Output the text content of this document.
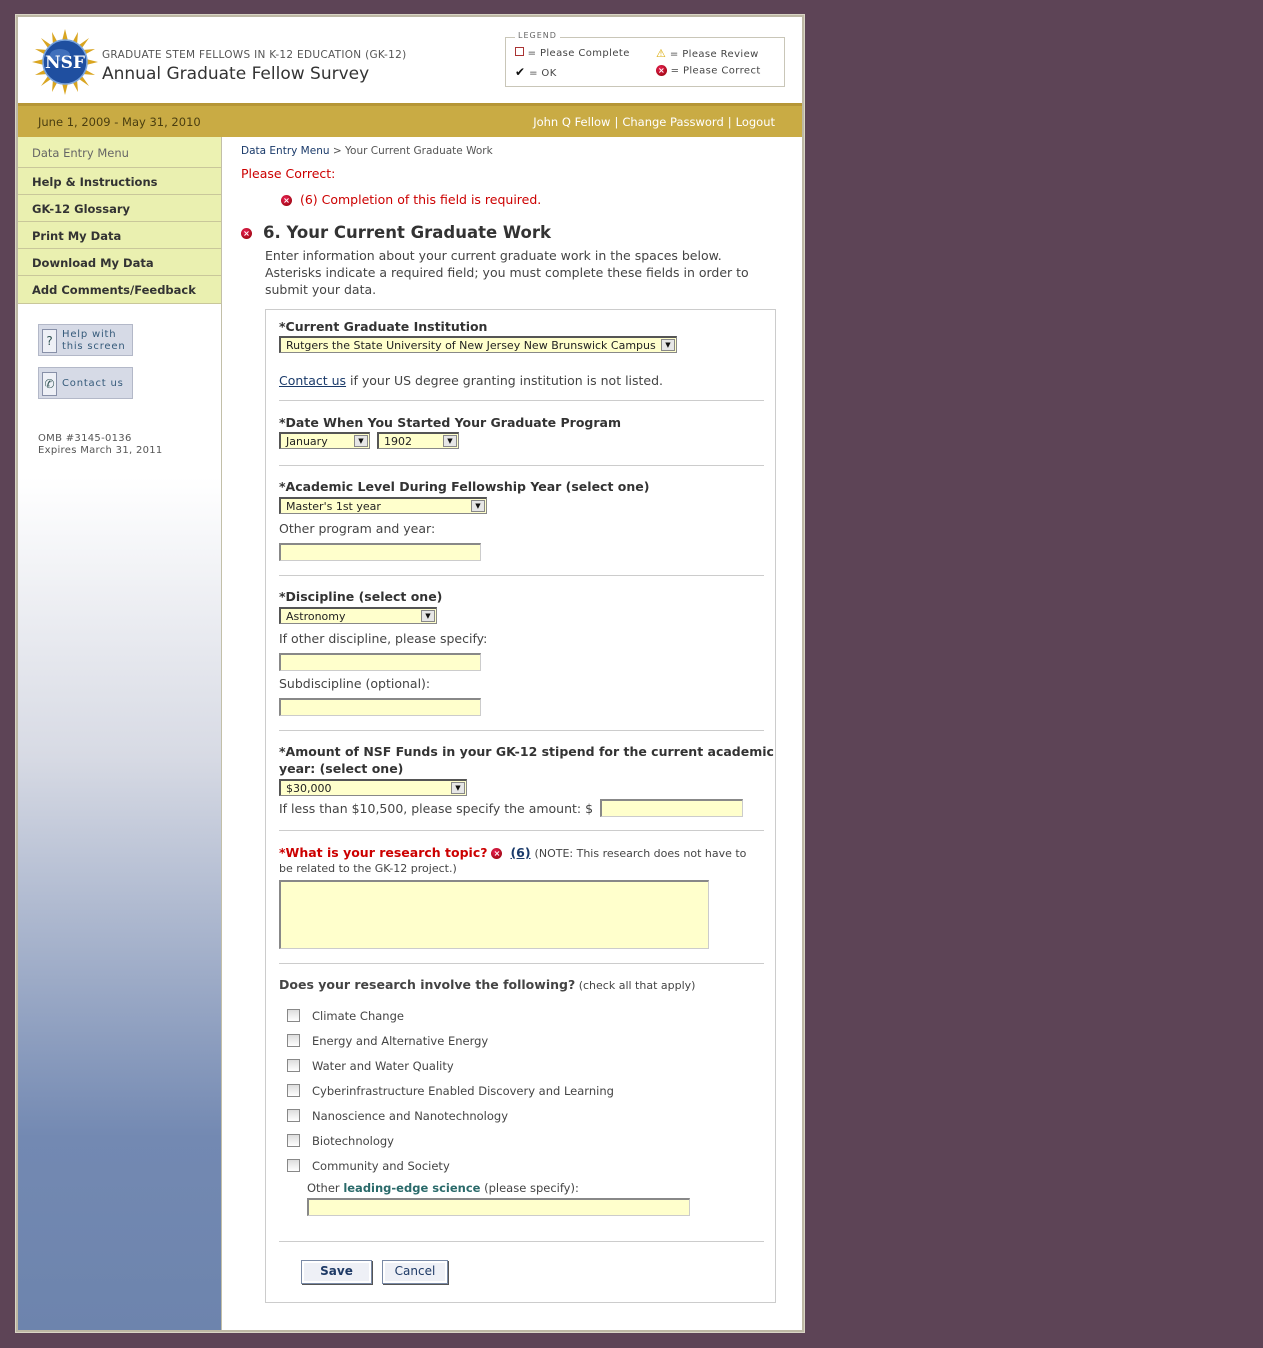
NSF GRADUATE STEM FELLOWS IN K-12 EDUCATION (GK-12)
Annual Graduate Fellow Survey
LEGEND
= Please Complete ⚠ = Please Review
✔ = OK	× = Please Correct
June 1, 2009 - May 31, 2010	John Q Fellow | Change Password | Logout
Data Entry Menu
Help & Instructions
GK-12 Glossary
Print My Data
Download My Data
Add Comments/Feedback
? Help with
this screen
✆ Contact us
OMB #3145-0136
Expires March 31, 2011
Data Entry Menu > Your Current Graduate Work
Please Correct:
× (6) Completion of this field is required.
× 6. Your Current Graduate Work
Enter information about your current graduate work in the spaces below. Asterisks indicate a required field; you must complete these fields in order to submit your data.
*Current Graduate Institution
Rutgers the State University of New Jersey New Brunswick Campus	▼
Contact us if your US degree granting institution is not listed.
*Date When You Started Your Graduate Program
January	▼	1902	▼
*Academic Level During Fellowship Year (select one)
Master's 1st year	▼
Other program and year:
*Discipline (select one)
Astronomy	▼
If other discipline, please specify:
Subdiscipline (optional):
*Amount of NSF Funds in your GK-12 stipend for the current academic
year: (select one)
$30,000	▼
If less than $10,500, please specify the amount: $
*What is your research topic? × (6) (NOTE: This research does not have to
be related to the GK-12 project.)
Does your research involve the following? (check all that apply)
Climate Change
Energy and Alternative Energy
Water and Water Quality
Cyberinfrastructure Enabled Discovery and Learning
Nanoscience and Nanotechnology
Biotechnology
Community and Society
Other leading-edge science (please specify):
Save	Cancel
